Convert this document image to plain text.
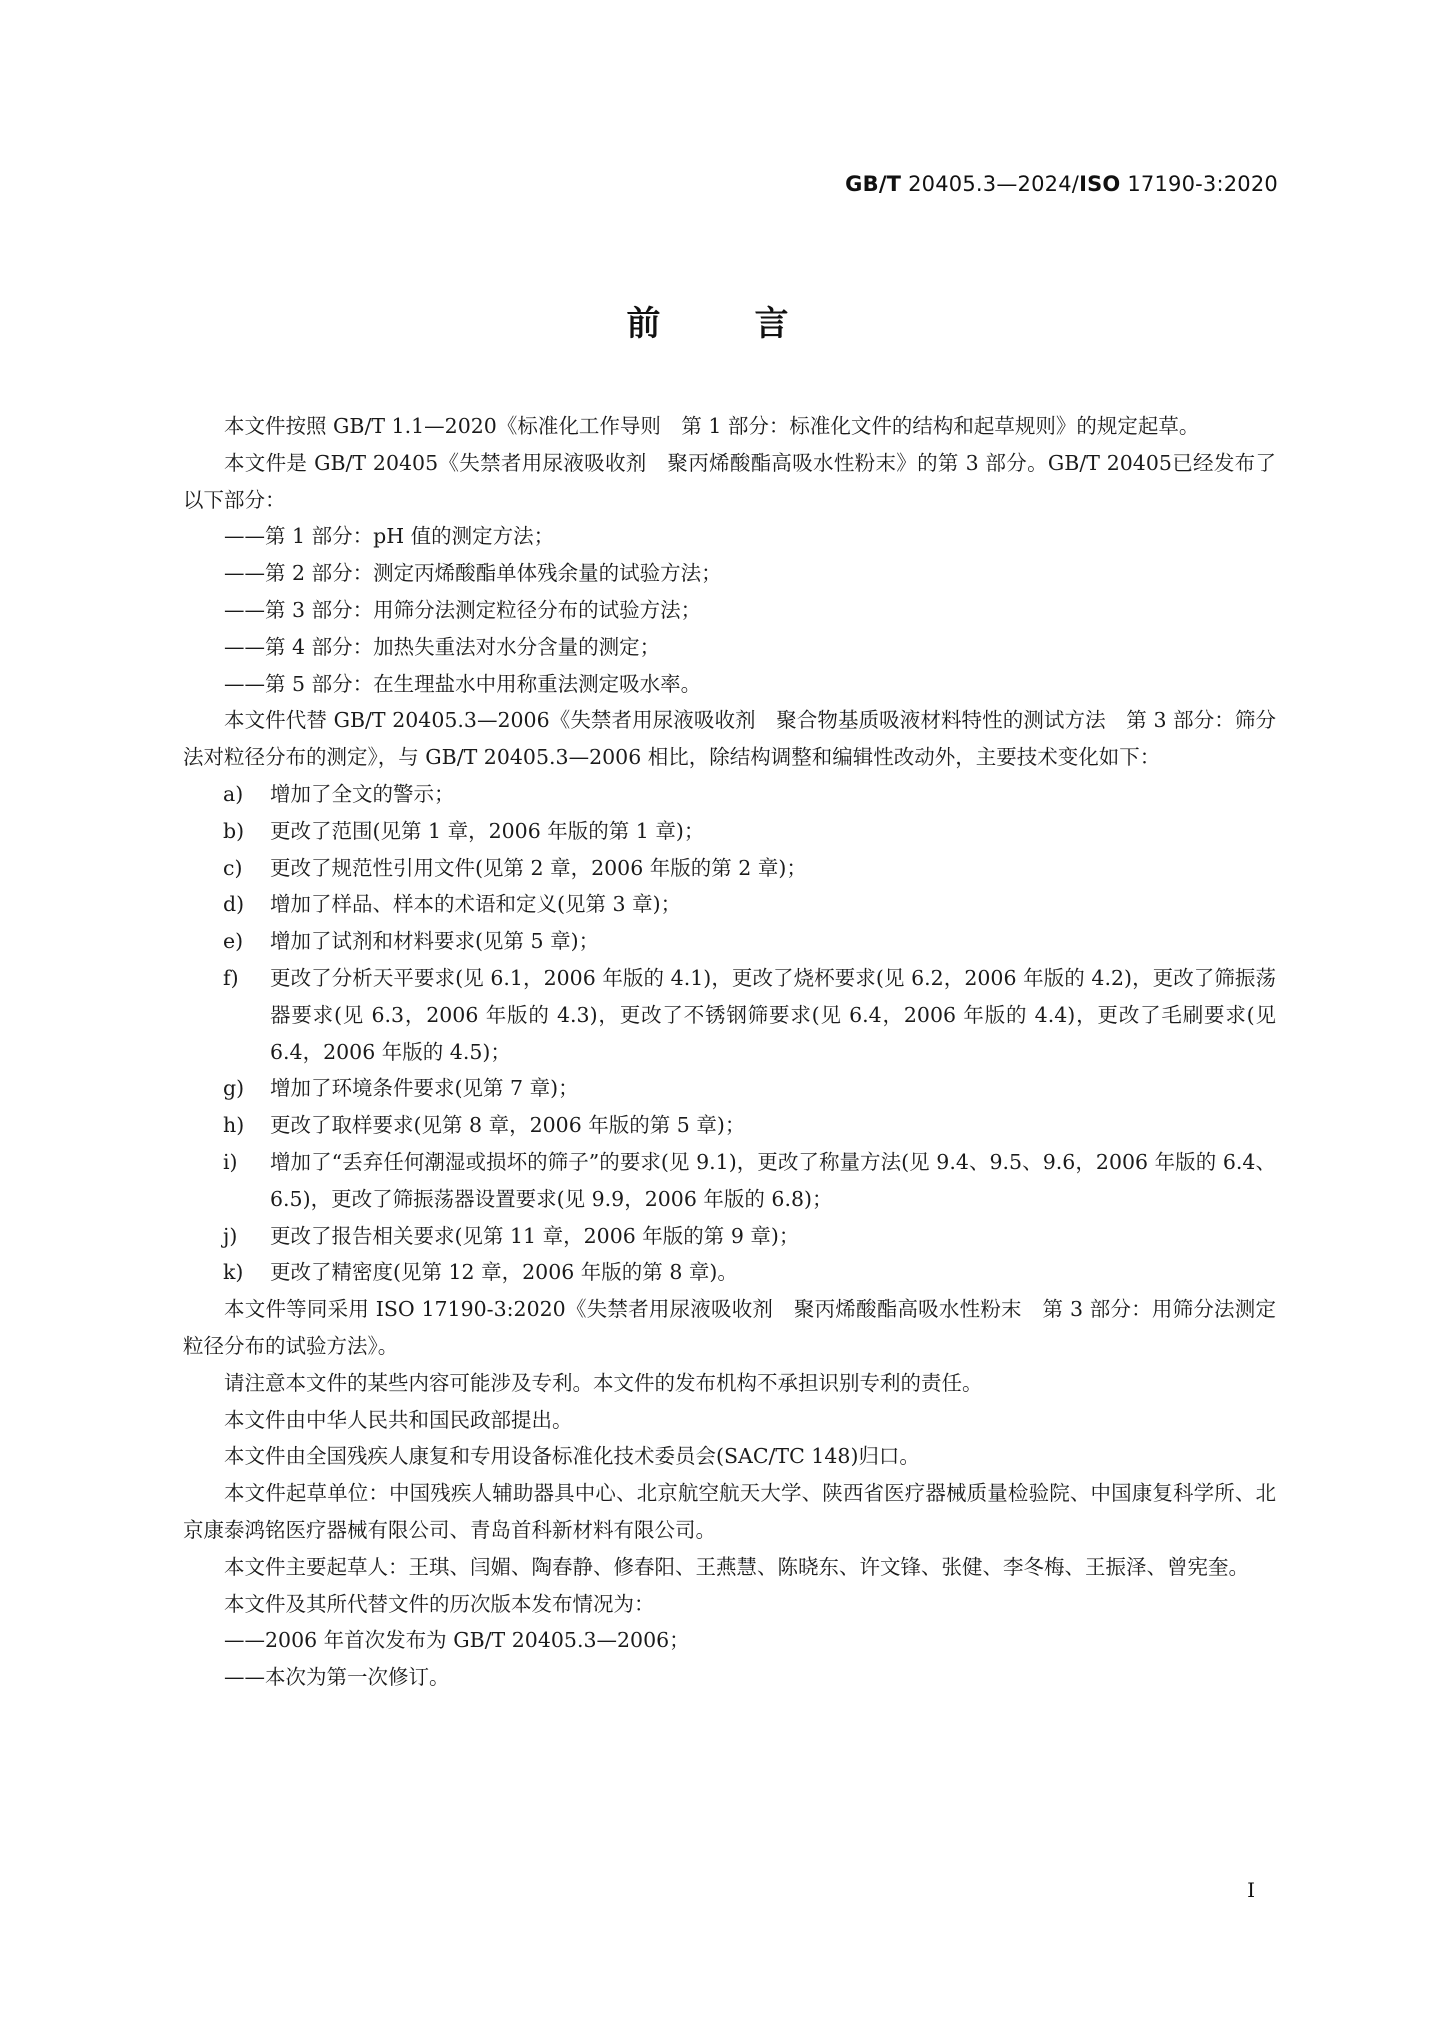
GB/T 20405.3—2024/ISO 17190-3:2020
前　言

本文件按照 GB/T 1.1—2020《标准化工作导则　第 1 部分：标准化文件的结构和起草规则》的规定起草。

本文件是 GB/T 20405《失禁者用尿液吸收剂　聚丙烯酸酯高吸水性粉末》的第 3 部分。GB/T 20405已经发布了以下部分：

——第 1 部分：pH 值的测定方法；

——第 2 部分：测定丙烯酸酯单体残余量的试验方法；

——第 3 部分：用筛分法测定粒径分布的试验方法；

——第 4 部分：加热失重法对水分含量的测定；

——第 5 部分：在生理盐水中用称重法测定吸水率。

本文件代替 GB/T 20405.3—2006《失禁者用尿液吸收剂　聚合物基质吸液材料特性的测试方法　第 3 部分：筛分法对粒径分布的测定》，与 GB/T 20405.3—2006 相比，除结构调整和编辑性改动外，主要技术变化如下：

a) 增加了全文的警示；
b) 更改了范围(见第 1 章，2006 年版的第 1 章)；
c) 更改了规范性引用文件(见第 2 章，2006 年版的第 2 章)；
d) 增加了样品、样本的术语和定义(见第 3 章)；
e) 增加了试剂和材料要求(见第 5 章)；
f) 更改了分析天平要求(见 6.1，2006 年版的 4.1)，更改了烧杯要求(见 6.2，2006 年版的 4.2)，更改了筛振荡器要求(见 6.3，2006 年版的 4.3)，更改了不锈钢筛要求(见 6.4，2006 年版的 4.4)，更改了毛刷要求(见 6.4，2006 年版的 4.5)；
g) 增加了环境条件要求(见第 7 章)；
h) 更改了取样要求(见第 8 章，2006 年版的第 5 章)；
i) 增加了“丢弃任何潮湿或损坏的筛子”的要求(见 9.1)，更改了称量方法(见 9.4、9.5、9.6，2006 年版的 6.4、6.5)，更改了筛振荡器设置要求(见 9.9，2006 年版的 6.8)；
j) 更改了报告相关要求(见第 11 章，2006 年版的第 9 章)；
k) 更改了精密度(见第 12 章，2006 年版的第 8 章)。

本文件等同采用 ISO 17190-3:2020《失禁者用尿液吸收剂　聚丙烯酸酯高吸水性粉末　第 3 部分：用筛分法测定粒径分布的试验方法》。

请注意本文件的某些内容可能涉及专利。本文件的发布机构不承担识别专利的责任。

本文件由中华人民共和国民政部提出。

本文件由全国残疾人康复和专用设备标准化技术委员会(SAC/TC 148)归口。

本文件起草单位：中国残疾人辅助器具中心、北京航空航天大学、陕西省医疗器械质量检验院、中国康复科学所、北京康泰鸿铭医疗器械有限公司、青岛首科新材料有限公司。

本文件主要起草人：王琪、闫媚、陶春静、修春阳、王燕慧、陈晓东、许文锋、张健、李冬梅、王振泽、曾宪奎。

本文件及其所代替文件的历次版本发布情况为：

——2006 年首次发布为 GB/T 20405.3—2006；

——本次为第一次修订。

I
